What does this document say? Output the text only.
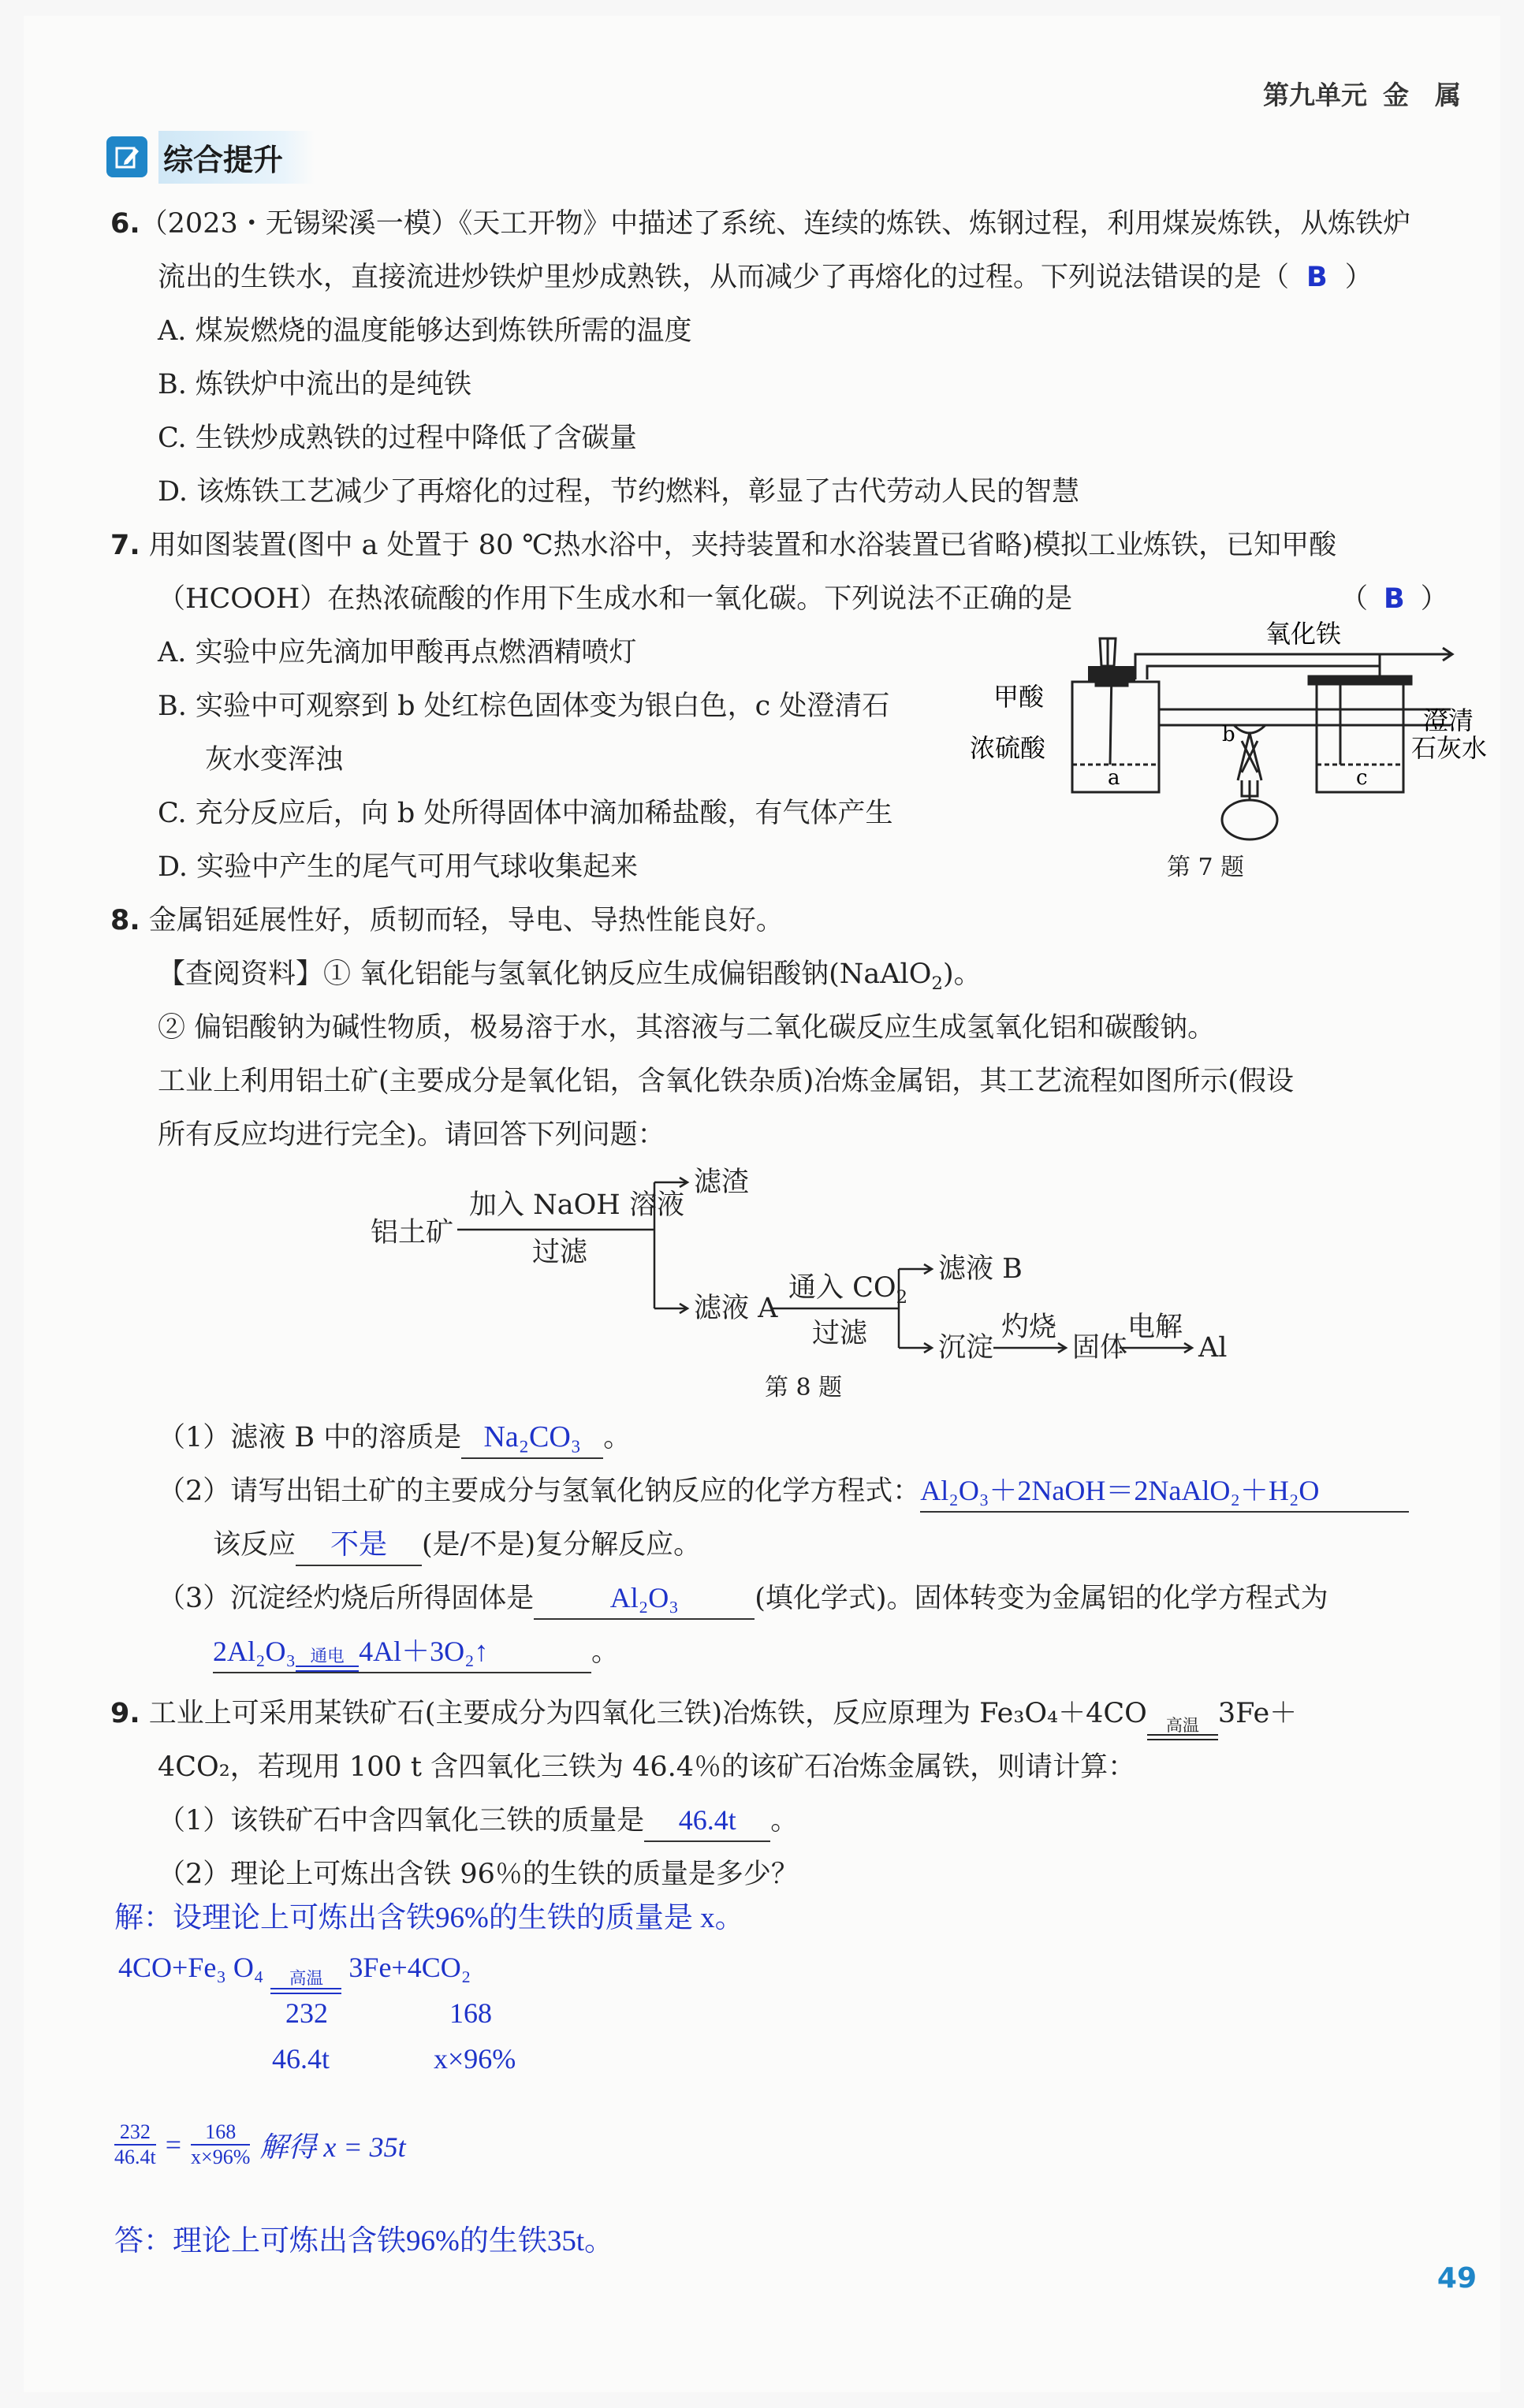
第九单元 金　属
综合提升
6.（2023・无锡梁溪一模）《天工开物》中描述了系统、连续的炼铁、炼钢过程，利用煤炭炼铁，从炼铁炉
流出的生铁水，直接流进炒铁炉里炒成熟铁，从而减少了再熔化的过程。下列说法错误的是（ B ）
A. 煤炭燃烧的温度能够达到炼铁所需的温度
B. 炼铁炉中流出的是纯铁
C. 生铁炒成熟铁的过程中降低了含碳量
D. 该炼铁工艺减少了再熔化的过程，节约燃料，彰显了古代劳动人民的智慧
7. 用如图装置(图中 a 处置于 80 ℃热水浴中，夹持装置和水浴装置已省略)模拟工业炼铁，已知甲酸
（HCOOH）在热浓硫酸的作用下生成水和一氧化碳。下列说法不正确的是	（ B ）
A. 实验中应先滴加甲酸再点燃酒精喷灯
B. 实验中可观察到 b 处红棕色固体变为银白色，c 处澄清石
灰水变浑浊
C. 充分反应后，向 b 处所得固体中滴加稀盐酸，有气体产生
D. 实验中产生的尾气可用气球收集起来
氧化铁
甲酸
浓硫酸
澄清
石灰水
a
b
c
第 7 题
8. 金属铝延展性好，质韧而轻，导电、导热性能良好。
【查阅资料】① 氧化铝能与氢氧化钠反应生成偏铝酸钠(NaAlO$_2$)。
② 偏铝酸钠为碱性物质，极易溶于水，其溶液与二氧化碳反应生成氢氧化铝和碳酸钠。
工业上利用铝土矿(主要成分是氧化铝，含氧化铁杂质)冶炼金属铝，其工艺流程如图所示(假设
所有反应均进行完全)。请回答下列问题：
铝土矿
加入 NaOH 溶液
过滤
滤渣
滤液 A
通入 $CO_2$
过滤
滤液 B
沉淀
灼烧
固体
电解
Al
第 8 题
（1）滤液 B 中的溶质是 Na₂CO₃ 。
（2）请写出铝土矿的主要成分与氢氧化钠反应的化学方程式：Al₂O₃＋2NaOH＝2NaAlO₂＋H₂O
该反应 不是 (是/不是)复分解反应。
（3）沉淀经灼烧后所得固体是	Al₂O₃	(填化学式)。固体转变为金属铝的化学方程式为
2Al₂O₃ 通电 4Al＋3O₂↑	。
9. 工业上可采用某铁矿石(主要成分为四氧化三铁)冶炼铁，反应原理为 Fe₃O₄＋4CO	高温 3Fe＋
4CO₂，若现用 100 t 含四氧化三铁为 46.4％的该矿石冶炼金属铁，则请计算：
（1）该铁矿石中含四氧化三铁的质量是 46.4t 。
（2）理论上可炼出含铁 96％的生铁的质量是多少？
解：设理论上可炼出含铁96%的生铁的质量是 x。
4CO+Fe₃ O₄	高温 3Fe+4CO₂
232	168
46.4t	x×96%
$\frac{232}{46.4t} = \frac{168}{x\times 96\%}$ 解得 x = 35t
答：理论上可炼出含铁96%的生铁35t。
49
